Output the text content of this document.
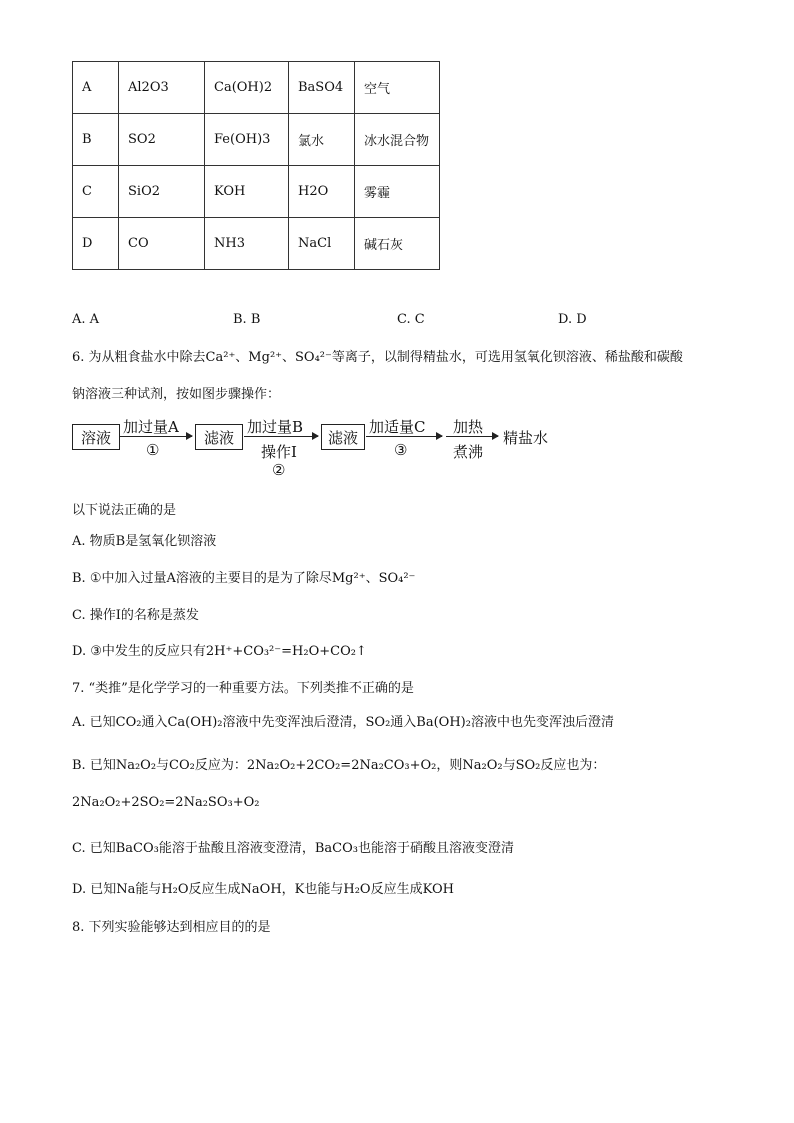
A	Al2O3	Ca(OH)2	BaSO4	空气
B	SO2	Fe(OH)3	氯水	冰水混合物
C	SiO2	KOH	H2O	雾霾
D	CO	NH3	NaCl	碱石灰
A. A	B. B	C. C	D. D
6. 为从粗食盐水中除去Ca²⁺、Mg²⁺、SO₄²⁻等离子，以制得精盐水，可选用氢氧化钡溶液、稀盐酸和碳酸
钠溶液三种试剂，按如图步骤操作：
溶液
加过量A
①
滤液
加过量B
操作I
②
滤液
加适量C
③
加热
煮沸
精盐水
以下说法正确的是
A. 物质B是氢氧化钡溶液
B. ①中加入过量A溶液的主要目的是为了除尽Mg²⁺、SO₄²⁻
C. 操作I的名称是蒸发
D. ③中发生的反应只有2H⁺+CO₃²⁻=H₂O+CO₂↑
7. “类推”是化学学习的一种重要方法。下列类推不正确的是
A. 已知CO₂通入Ca(OH)₂溶液中先变浑浊后澄清，SO₂通入Ba(OH)₂溶液中也先变浑浊后澄清
B. 已知Na₂O₂与CO₂反应为：2Na₂O₂+2CO₂=2Na₂CO₃+O₂，则Na₂O₂与SO₂反应也为：
2Na₂O₂+2SO₂=2Na₂SO₃+O₂
C. 已知BaCO₃能溶于盐酸且溶液变澄清，BaCO₃也能溶于硝酸且溶液变澄清
D. 已知Na能与H₂O反应生成NaOH，K也能与H₂O反应生成KOH
8. 下列实验能够达到相应目的的是
